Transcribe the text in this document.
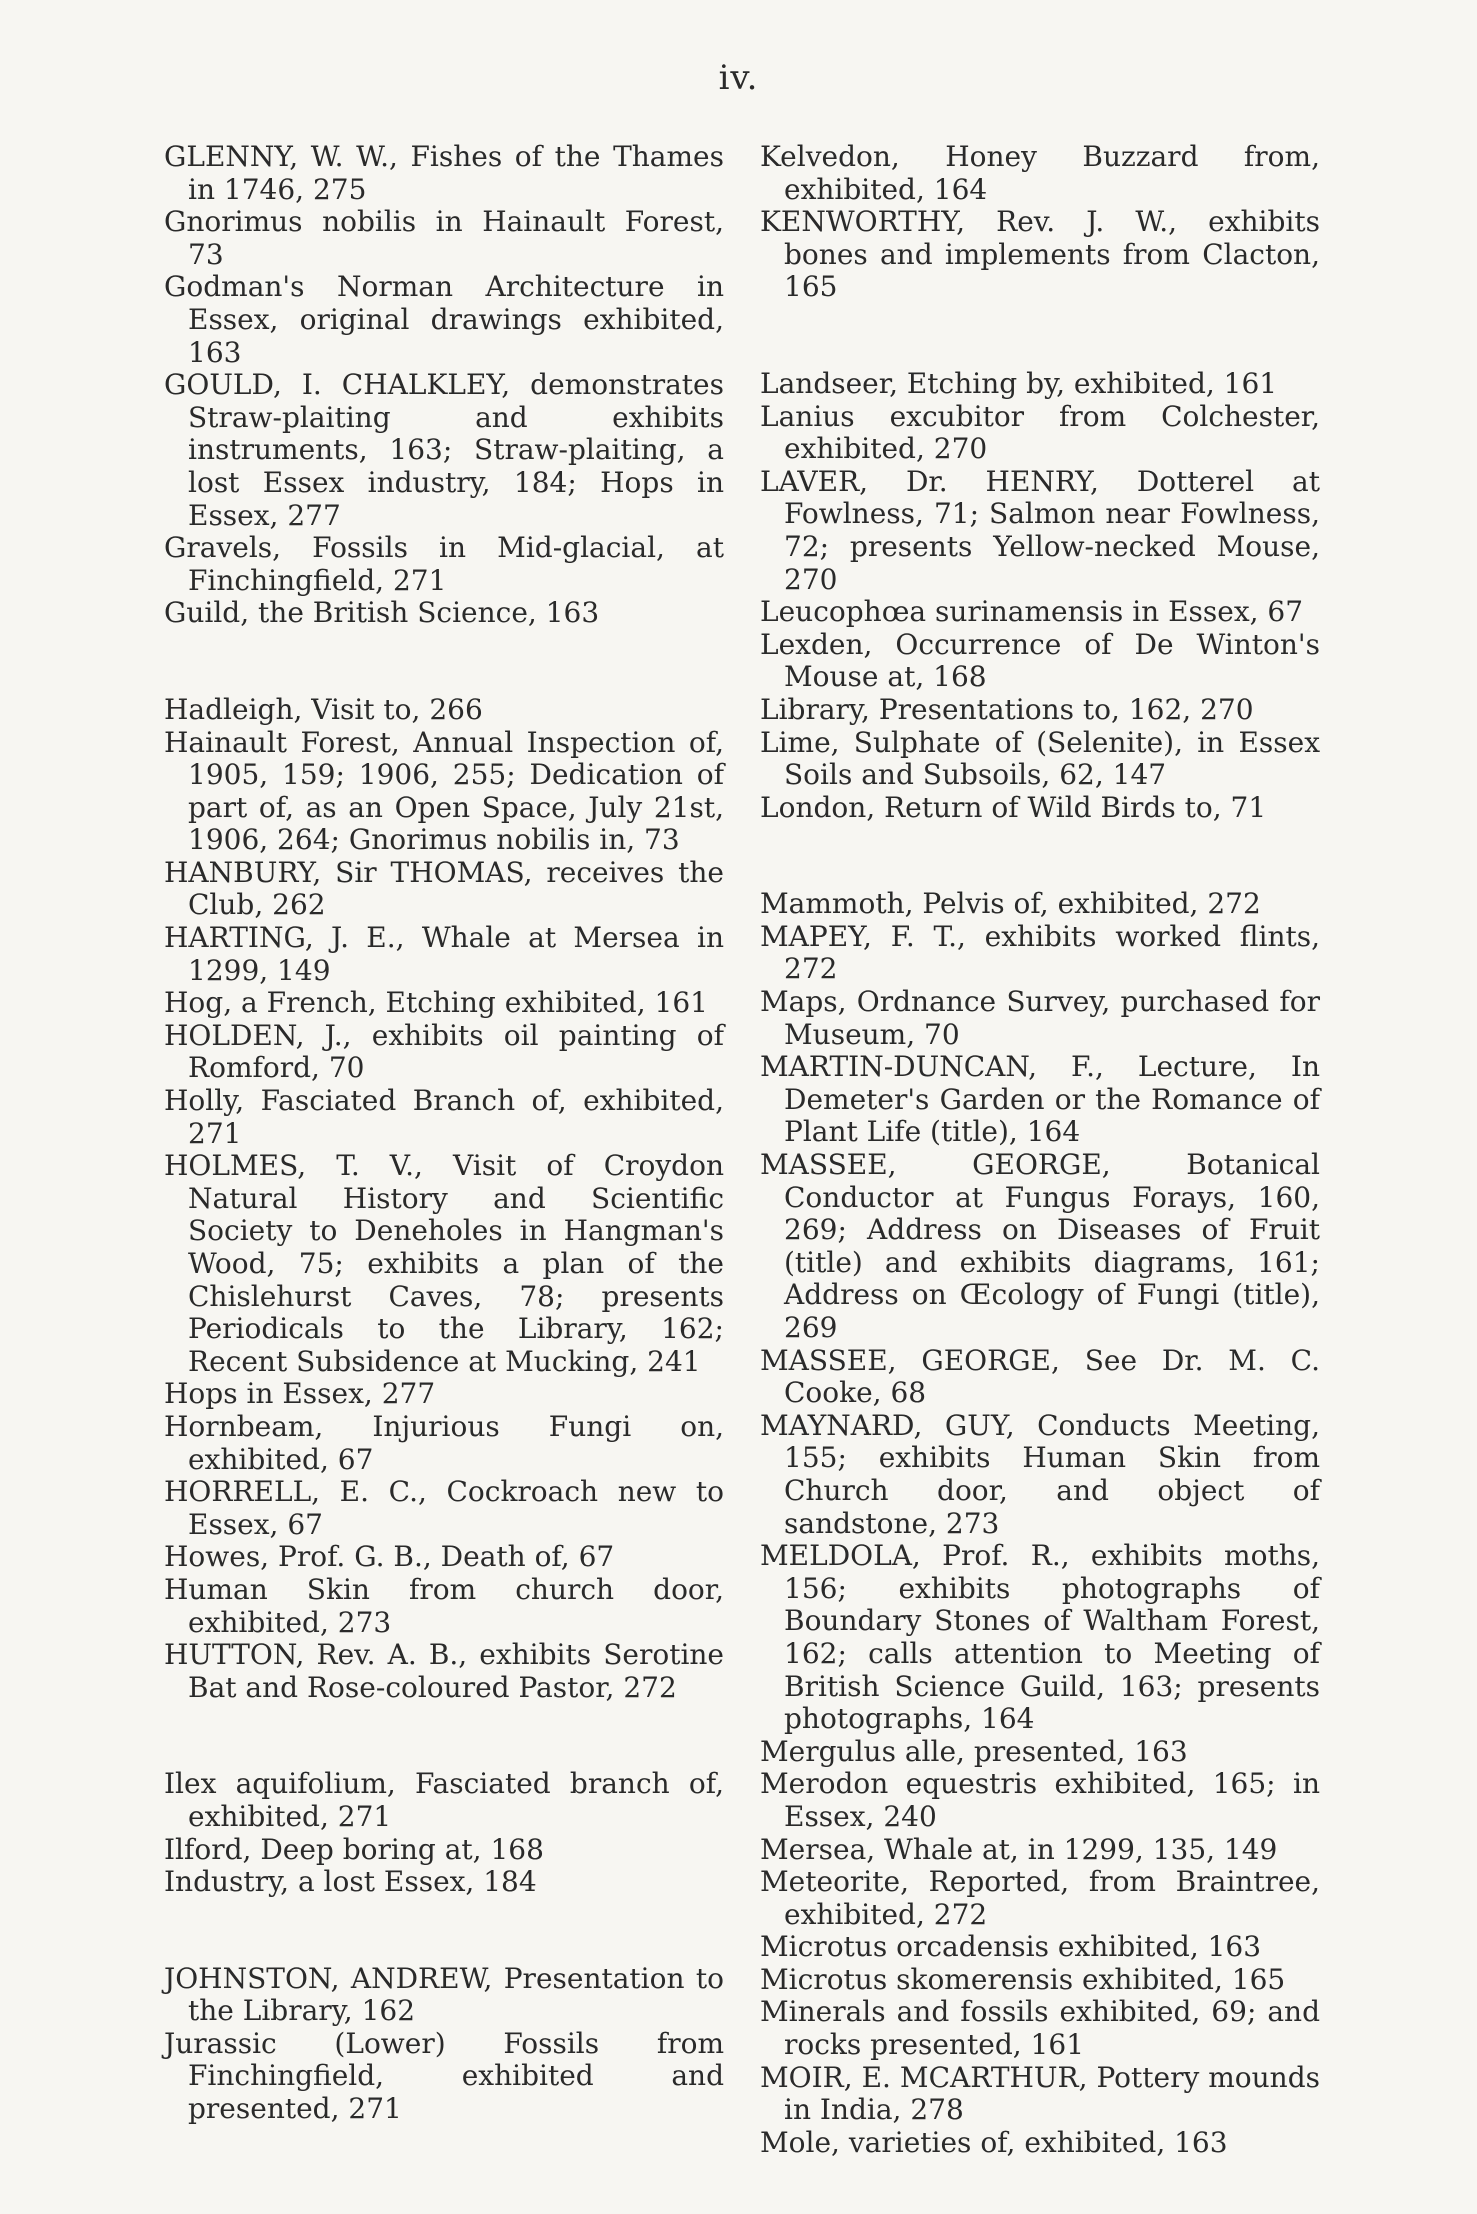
iv.

GLENNY, W. W., Fishes of the Thames in 1746, 275

Gnorimus nobilis in Hainault Forest, 73

Godman's Norman Architecture in Essex, original drawings exhibited, 163

GOULD, I. CHALKLEY, demonstrates Straw-plaiting and exhibits instruments, 163; Straw-plaiting, a lost Essex industry, 184; Hops in Essex, 277

Gravels, Fossils in Mid-glacial, at Finchingfield, 271

Guild, the British Science, 163

Hadleigh, Visit to, 266

Hainault Forest, Annual Inspection of, 1905, 159; 1906, 255; Dedication of part of, as an Open Space, July 21st, 1906, 264; Gnorimus nobilis in, 73

HANBURY, Sir THOMAS, receives the Club, 262

HARTING, J. E., Whale at Mersea in 1299, 149

Hog, a French, Etching exhibited, 161

HOLDEN, J., exhibits oil painting of Romford, 70

Holly, Fasciated Branch of, exhibited, 271

HOLMES, T. V., Visit of Croydon Natural History and Scientific Society to Deneholes in Hangman's Wood, 75; exhibits a plan of the Chislehurst Caves, 78; presents Periodicals to the Library, 162; Recent Subsidence at Mucking, 241

Hops in Essex, 277

Hornbeam, Injurious Fungi on, exhibited, 67

HORRELL, E. C., Cockroach new to Essex, 67

Howes, Prof. G. B., Death of, 67

Human Skin from church door, exhibited, 273

HUTTON, Rev. A. B., exhibits Serotine Bat and Rose-coloured Pastor, 272

Ilex aquifolium, Fasciated branch of, exhibited, 271

Ilford, Deep boring at, 168

Industry, a lost Essex, 184

JOHNSTON, ANDREW, Presentation to the Library, 162

Jurassic (Lower) Fossils from Finchingfield, exhibited and presented, 271

Kelvedon, Honey Buzzard from, exhibited, 164

KENWORTHY, Rev. J. W., exhibits bones and implements from Clacton, 165

Landseer, Etching by, exhibited, 161

Lanius excubitor from Colchester, exhibited, 270

LAVER, Dr. HENRY, Dotterel at Fowlness, 71; Salmon near Fowlness, 72; presents Yellow-necked Mouse, 270

Leucophœa surinamensis in Essex, 67

Lexden, Occurrence of De Winton's Mouse at, 168

Library, Presentations to, 162, 270

Lime, Sulphate of (Selenite), in Essex Soils and Subsoils, 62, 147

London, Return of Wild Birds to, 71

Mammoth, Pelvis of, exhibited, 272

MAPEY, F. T., exhibits worked flints, 272

Maps, Ordnance Survey, purchased for Museum, 70

MARTIN-DUNCAN, F., Lecture, In Demeter's Garden or the Romance of Plant Life (title), 164

MASSEE, GEORGE, Botanical Conductor at Fungus Forays, 160, 269; Address on Diseases of Fruit (title) and exhibits diagrams, 161; Address on Œcology of Fungi (title), 269

MASSEE, GEORGE, See Dr. M. C. Cooke, 68

MAYNARD, GUY, Conducts Meeting, 155; exhibits Human Skin from Church door, and object of sandstone, 273

MELDOLA, Prof. R., exhibits moths, 156; exhibits photographs of Boundary Stones of Waltham Forest, 162; calls attention to Meeting of British Science Guild, 163; presents photographs, 164

Mergulus alle, presented, 163

Merodon equestris exhibited, 165; in Essex, 240

Mersea, Whale at, in 1299, 135, 149

Meteorite, Reported, from Braintree, exhibited, 272

Microtus orcadensis exhibited, 163

Microtus skomerensis exhibited, 165

Minerals and fossils exhibited, 69; and rocks presented, 161

MOIR, E. MCARTHUR, Pottery mounds in India, 278

Mole, varieties of, exhibited, 163
